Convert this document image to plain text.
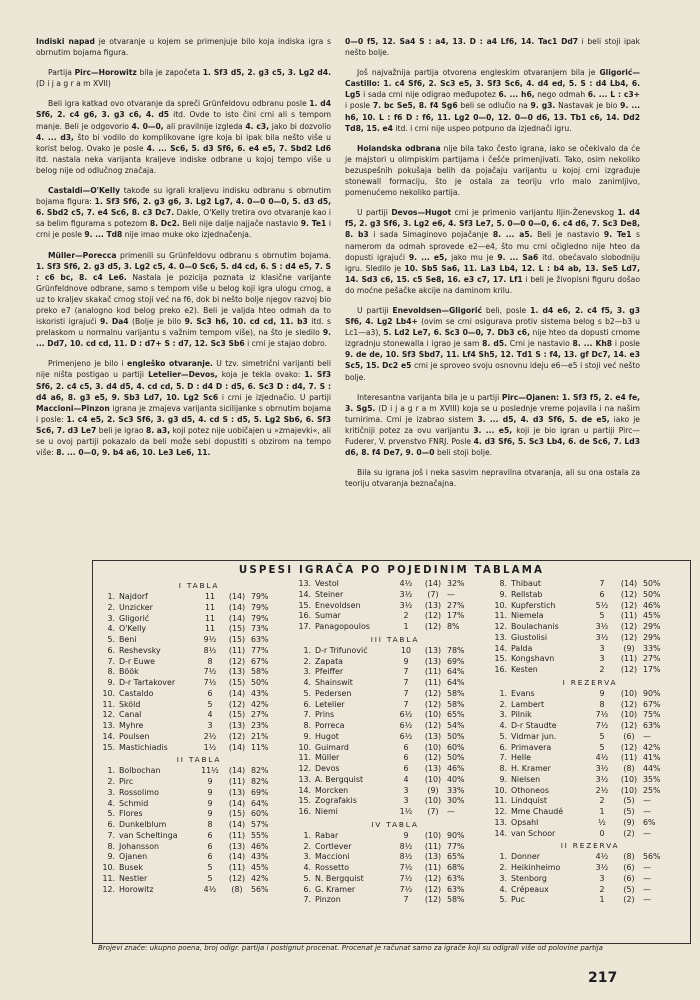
Indiski napad je otvaranje u kojem se primenjuje bilo koja indiska igra s obrnutim bojama figura.

Partija Pirc—Horowitz bila je započeta 1. Sf3 d5, 2. g3 c5, 3. Lg2 d4. (D i j a g r a m XVII)

Beli igra katkad ovo otvaranje da spreči Grünfeldovu odbranu posle 1. d4 Sf6, 2. c4 g6, 3. g3 c6, 4. d5 itd. Ovde to isto čini crni ali s tempom manje. Beli je odgovorio 4. 0—0, ali pravilnije izgleda 4. c3, jako bi dozvolio 4. ... d3, što bi vodilo do komplikovane igre koja bi ipak bila nešto više u korist belog. Ovako je posle 4. ... Sc6, 5. d3 Sf6, 6. e4 e5, 7. Sbd2 Ld6 itd. nastala neka varijanta kraljeve indiske odbrane u kojoj tempo više u belog nije od odlučnog značaja.

Castaldi—O'Kelly takođe su igrali kraljevu indisku odbranu s obrnutim bojama figura: 1. Sf3 Sf6, 2. g3 g6, 3. Lg2 Lg7, 4. 0—0 0—0, 5. d3 d5, 6. Sbd2 c5, 7. e4 Sc6, 8. c3 Dc7. Dakle, O'Kelly tretira ovo otvaranje kao i sa belim figurama s potezom 8. Dc2. Beli nije dalje najjače nastavio 9. Te1 i crni je posle 9. ... Td8 nije imao muke oko izjednačenja.

Müller—Porecca primenili su Grünfeldovu odbranu s obrnutim bojama. 1. Sf3 Sf6, 2. g3 d5, 3. Lg2 c5, 4. 0—0 Sc6, 5. d4 cd, 6. S : d4 e5, 7. S : c6 bc, 8. c4 Le6. Nastala je pozicija poznata iz klasične varijante Grünfeldnove odbrane, samo s tempom više u belog koji igra ulogu crnog, a uz to kraljev skakač crnog stoji već na f6, dok bi nešto bolje njegov razvoj bio preko e7 (analogno kod belog preko e2). Beli je valjda hteo odmah da to iskoristi igrajući 9. Da4 (Bolje je bilo 9. Sc3 h6, 10. cd cd, 11. b3 itd. s prelaskom u normalnu varijantu s važnim tempom više), na što je sledilo 9. ... Dd7, 10. cd cd, 11. D : d7+ S : d7, 12. Sc3 Sb6 i crni je stajao dobro.

Primenjeno je bilo i engleško otvaranje. U tzv. simetrični varijanti beli nije ništa postigao u partiji Letelier—Devos, koja je tekla ovako: 1. Sf3 Sf6, 2. c4 c5, 3. d4 d5, 4. cd cd, 5. D : d4 D : d5, 6. Sc3 D : d4, 7. S : d4 a6, 8. g3 e5, 9. Sb3 Ld7, 10. Lg2 Sc6 i crni je izjednačio. U partiji Maccioni—Pinzon igrana je zmajeva varijanta sicilijanke s obrnutim bojama i posle: 1. c4 e5, 2. Sc3 Sf6, 3. g3 d5, 4. cd S : d5, 5. Lg2 Sb6, 6. Sf3 Sc6, 7. d3 Le7 beli je igrao 8. a3, koji potez nije uobičajen u »zmajevki«, ali se u ovoj partiji pokazalo da beli može sebi dopustiti s obzirom na tempo više: 8. ... 0—0, 9. b4 a6, 10. Le3 Le6, 11.

0—0 f5, 12. Sa4 S : a4, 13. D : a4 Lf6, 14. Tac1 Dd7 i beli stoji ipak nešto bolje.

Još najvažnija partija otvorena engleskim otvaranjem bila je Gligorić—Castillo: 1. c4 Sf6, 2. Sc3 e5, 3. Sf3 Sc6, 4. d4 ed, 5. S : d4 Lb4, 6. Lg5 i sada crni nije odigrao međupotez 6. ... h6, nego odmah 6. ... L : c3+ i posle 7. bc Se5, 8. f4 Sg6 beli se odlučio na 9. g3. Nastavak je bio 9. ... h6, 10. L : f6 D : f6, 11. Lg2 0—0, 12. 0—0 d6, 13. Tb1 c6, 14. Dd2 Td8, 15. e4 itd. i crni nije uspeo potpuno da izjednači igru.

Holandska odbrana nije bila tako često igrana, iako se očekivalo da će je majstori u olimpiskim partijama i češće primenjivati. Tako, osim nekoliko bezuspešnih pokušaja belih da pojačaju varijantu u kojoj crni izgrađuje stonewall formaciju, što je ostala za teoriju vrlo malo zanimljivo, pomenućemo nekoliko partija.

U partiji Devos—Hugot crni je primenio varijantu Iljin-Ženevskog 1. d4 f5, 2. g3 Sf6, 3. Lg2 e6, 4. Sf3 Le7, 5. 0—0 0—0, 6. c4 d6, 7. Sc3 De8, 8. b3 i sada Simaginovo pojačanje 8. ... a5. Beli je nastavio 9. Te1 s namerom da odmah sprovede e2—e4, što mu crni očigledno nije hteo da dopusti igrajući 9. ... e5, jako mu je 9. ... Sa6 itd. obećavalo slobodniju igru. Sledilo je 10. Sb5 Sa6, 11. La3 Lb4, 12. L : b4 ab, 13. Se5 Ld7, 14. Sd3 c6, 15. c5 Se8, 16. e3 c7, 17. Lf1 i beli je živopisni figuru došao do moćne pešačke akcije na daminom krilu.

U partiji Enevoldsen—Gligorić beli, posle 1. d4 e6, 2. c4 f5, 3. g3 Sf6, 4. Lg2 Lb4+ (ovim se crni osigurava protiv sistema belog s b2—b3 u Lc1—a3), 5. Ld2 Le7, 6. Sc3 0—0, 7. Db3 c6, nije hteo da dopusti crnome izgradnju stonewalla i igrao je sam 8. d5. Crni je nastavio 8. ... Kh8 i posle 9. de de, 10. Sf3 Sbd7, 11. Lf4 Sh5, 12. Td1 S : f4, 13. gf Dc7, 14. e3 Sc5, 15. Dc2 e5 crni je sproveo svoju osnovnu ideju e6—e5 i stoji već nešto bolje.

Interesantna varijanta bila je u partiji Pirc—Ojanen: 1. Sf3 f5, 2. e4 fe, 3. Sg5. (D i j a g r a m XVIII) koja se u poslednje vreme pojavila i na našim turnirima. Crni je izabrao sistem 3. ... d5, 4. d3 Sf6, 5. de e5, iako je kritičniji potez za ovu varijantu 3. ... e5, koji je bio igran u partiji Pirc—Fuderer, V. prvenstvo FNRJ. Posle 4. d3 Sf6, 5. Sc3 Lb4, 6. de Sc6, 7. Ld3 d6, 8. f4 De7, 9. 0—0 beli stoji bolje.

Bila su igrana još i neka sasvim nepravilna otvaranja, ali su ona ostala za teoriju otvaranja beznačajna.

USPESI IGRAČA PO POJEDINIM TABLAMA
I TABLA
1. Najdorf	11	(14) 79%
2. Unzicker	11	(14) 79%
3. Gligorić	11	(14) 79%
4. O'Kelly	11	(15) 73%
5. Beni	9½	(15) 63%
6. Reshevsky	8½	(11) 77%
7. D-r Euwe	8	(12) 67%
8. Böök	7½	(13) 58%
9. D-r Tartakover	7½	(15) 50%
10. Castaldo	6	(14) 43%
11. Sköld	5	(12) 42%
12. Canal	4	(15) 27%
13. Myhre	3	(13) 23%
14. Poulsen	2½	(12) 21%
15. Mastichiadis	1½	(14) 11%
II TABLA
1. Bolbochan	11½	(14) 82%
2. Pirc	9	(11) 82%
3. Rossolimo	9	(13) 69%
4. Schmid	9	(14) 64%
5. Flores	9	(15) 60%
6. Dunkelblum	8	(14) 57%
7. van Scheltinga	6	(11) 55%
8. Johansson	6	(13) 46%
9. Ojanen	6	(14) 43%
10. Busek	5	(11) 45%
11. Nestler	5	(12) 42%
12. Horowitz	4½	(8)	56%
13. Vestol	4½	(14) 32%
14. Steiner	3½	(7)	—
15. Enevoldsen	3½	(13) 27%
16. Sumar	2	(12) 17%
17. Panagopoulos	1	(12) 8%
III TABLA
1. D-r Trifunović	10	(13) 78%
2. Zapata	9	(13) 69%
3. Pfeiffer	7	(11) 64%
4. Shainswit	7	(11) 64%
5. Pedersen	7	(12) 58%
6. Letelier	7	(12) 58%
7. Prins	6½	(10) 65%
8. Porreca	6½	(12) 54%
9. Hugot	6½	(13) 50%
10. Guimard	6	(10) 60%
11. Müller	6	(12) 50%
12. Devos	6	(13) 46%
13. A. Bergquist	4	(10) 40%
14. Morcken	3	(9)	33%
15. Zografakis	3	(10) 30%
16. Niemi	1½	(7)	—
IV TABLA
1. Rabar	9	(10) 90%
2. Cortlever	8½	(11) 77%
3. Maccioni	8½	(13) 65%
4. Rossetto	7½	(11) 68%
5. N. Bergquist	7½	(12) 63%
6. G. Kramer	7½	(12) 63%
7. Pinzon	7	(12) 58%
8. Thibaut	7	(14) 50%
9. Rellstab	6	(12) 50%
10. Kupferstich	5½	(12) 46%
11. Niemela	5	(11) 45%
12. Boulachanis	3½	(12) 29%
13. Giustolisi	3½	(12) 29%
14. Palda	3	(9)	33%
15. Kongshavn	3	(11) 27%
16. Kesten	2	(12) 17%
I REZERVA
1. Evans	9	(10) 90%
2. Lambert	8	(12) 67%
3. Pilnik	7½	(10) 75%
4. D-r Staudte	7½	(12) 63%
5. Vidmar jun.	5	(6)	—
6. Primavera	5	(12) 42%
7. Helle	4½	(11) 41%
8. H. Kramer	3½	(8)	44%
9. Nielsen	3½	(10) 35%
10. Othoneos	2½	(10) 25%
11. Lindquist	2	(5)	—
12. Mme Chaudé	1	(5)	—
13. Opsahl	½	(9)	6%
14. van Schoor	0	(2)	—
II REZERVA
1. Donner	4½	(8)	56%
2. Heikinheimo	3½	(6)	—
3. Stenborg	3	(6)	—
4. Crépeaux	2	(5)	—
5. Puc	1	(2)	—
Brojevi znače: ukupno poena, broj odigr. partija i postignut procenat. Procenat je računat samo za igrače koji su odigrali više od polovine partija
217
